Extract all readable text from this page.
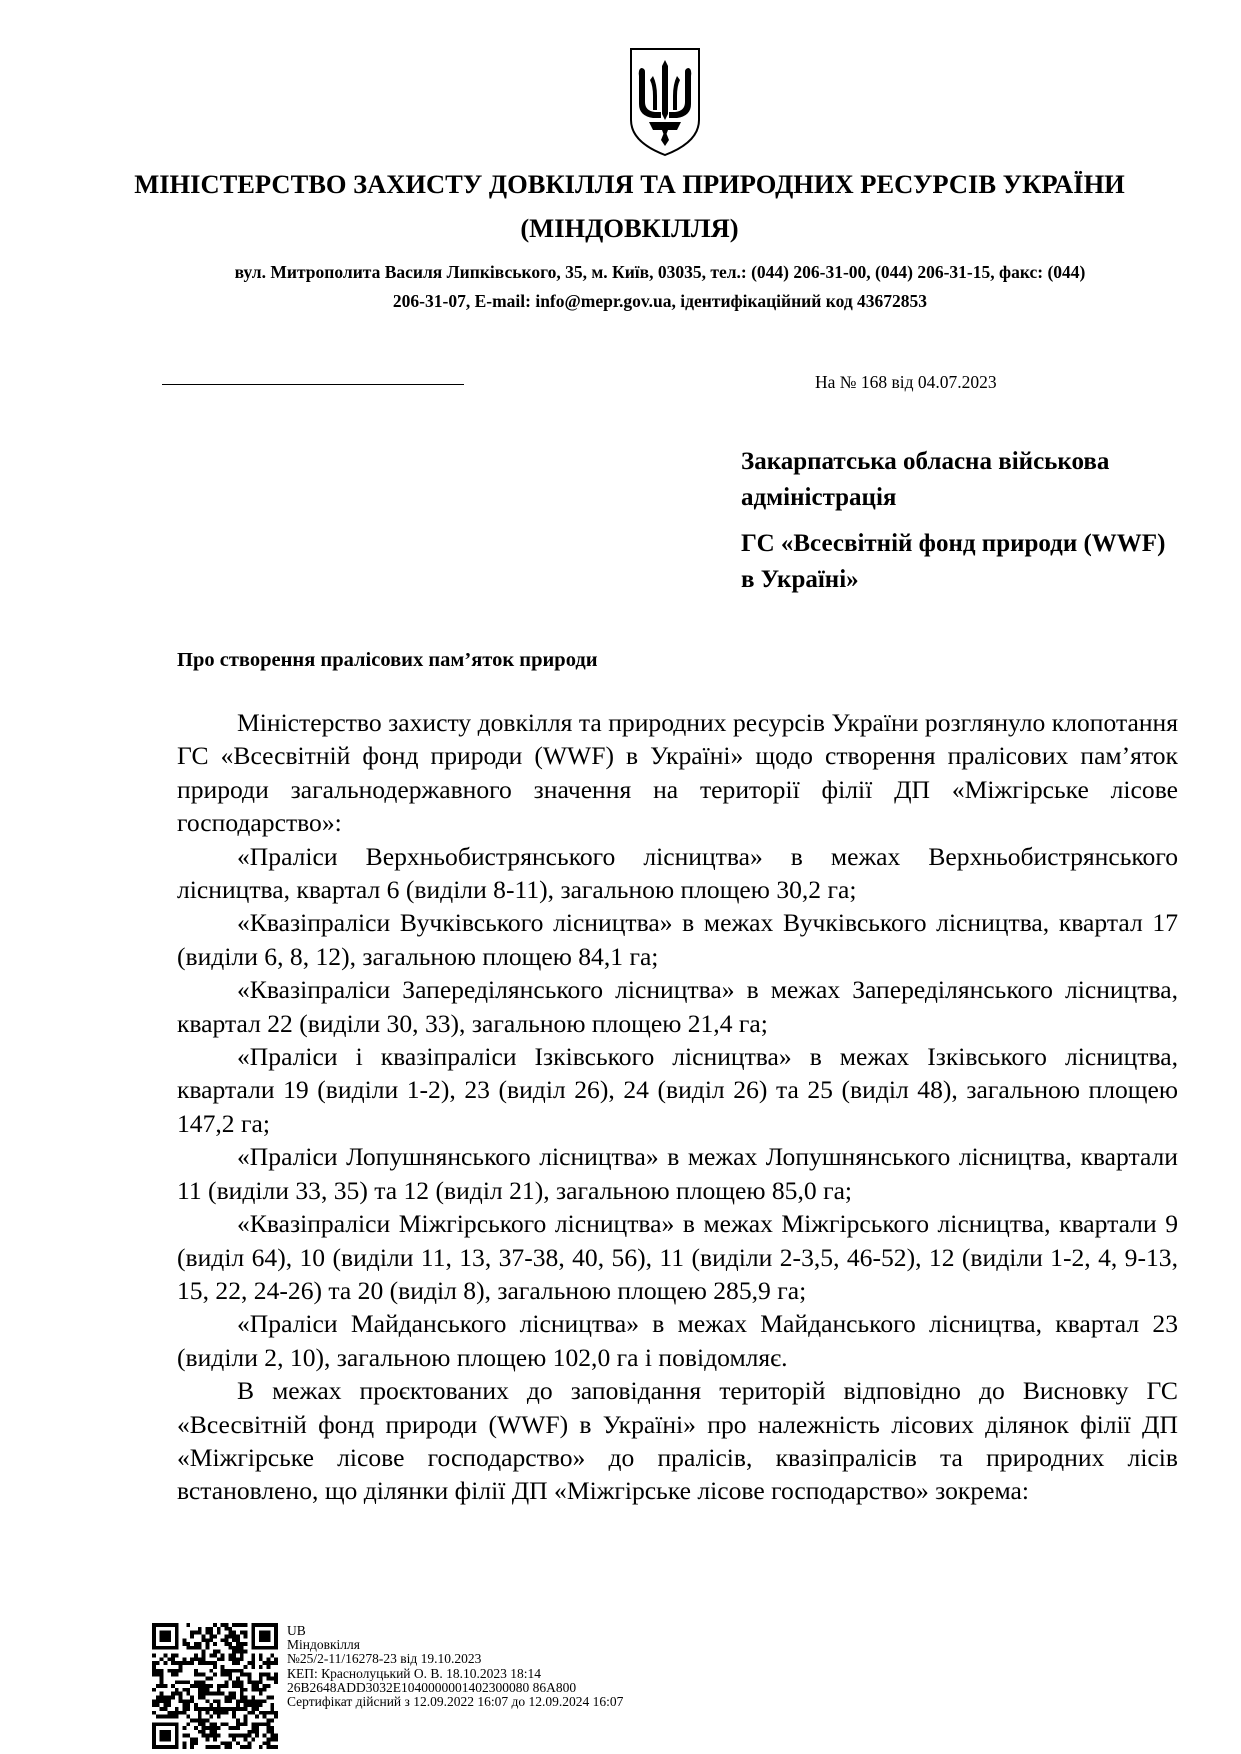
МІНІСТЕРСТВО ЗАХИСТУ ДОВКІЛЛЯ ТА ПРИРОДНИХ РЕСУРСІВ УКРАЇНИ
(МІНДОВКІЛЛЯ)
вул. Митрополита Василя Липківського, 35, м. Київ, 03035, тел.: (044) 206-31-00, (044) 206-31-15, факс: (044)
206-31-07, E-mail: info@mepr.gov.ua, ідентифікаційний код 43672853
На № 168 від 04.07.2023
Закарпатська обласна військова адміністрація
ГС «Всесвітній фонд природи (WWF) в Україні»
Про створення пралісових пам’яток природи

Міністерство захисту довкілля та природних ресурсів України розглянуло клопотання ГС «Всесвітній фонд природи (WWF) в Україні» щодо створення пралісових пам’яток природи загальнодержавного значення на території філії ДП «Міжгірське лісове господарство»:

«Праліси Верхньобистрянського лісництва» в межах Верхньобистрянського лісництва, квартал 6 (виділи 8-11), загальною площею 30,2 га;

«Квазіпраліси Вучківського лісництва» в межах Вучківського лісництва, квартал 17 (виділи 6, 8, 12), загальною площею 84,1 га;

«Квазіпраліси Запереділянського лісництва» в межах Запереділянського лісництва, квартал 22 (виділи 30, 33), загальною площею 21,4 га;

«Праліси і квазіпраліси Ізківського лісництва» в межах Ізківського лісництва, квартали 19 (виділи 1-2), 23 (виділ 26), 24 (виділ 26) та 25 (виділ 48), загальною площею 147,2 га;

«Праліси Лопушнянського лісництва» в межах Лопушнянського лісництва, квартали 11 (виділи 33, 35) та 12 (виділ 21), загальною площею 85,0 га;

«Квазіпраліси Міжгірського лісництва» в межах Міжгірського лісництва, квартали 9 (виділ 64), 10 (виділи 11, 13, 37-38, 40, 56), 11 (виділи 2-3,5, 46-52), 12 (виділи 1-2, 4, 9-13, 15, 22, 24-26) та 20 (виділ 8), загальною площею 285,9 га;

«Праліси Майданського лісництва» в межах Майданського лісництва, квартал 23 (виділи 2, 10), загальною площею 102,0 га і повідомляє.

В межах проєктованих до заповідання територій відповідно до Висновку ГС «Всесвітній фонд природи (WWF) в Україні» про належність лісових ділянок філії ДП «Міжгірське лісове господарство» до пралісів, квазіпралісів та природних лісів встановлено, що ділянки філії ДП «Міжгірське лісове господарство» зокрема:

UB
Міндовкілля
№25/2-11/16278-23 від 19.10.2023
КЕП: Краснолуцький О. В. 18.10.2023 18:14
26B2648ADD3032E1040000001402300080 86A800
Сертифікат дійсний з 12.09.2022 16:07 до 12.09.2024 16:07
